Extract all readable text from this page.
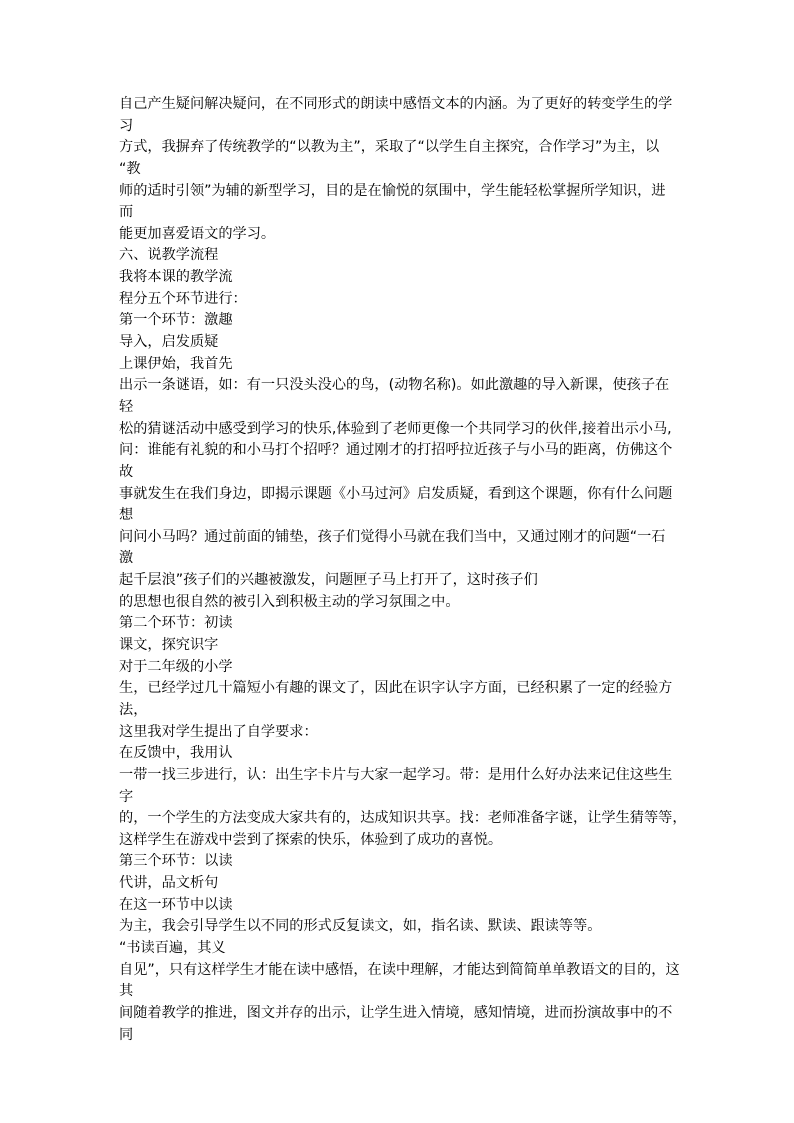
自己产生疑问解决疑问，在不同形式的朗读中感悟文本的内涵。为了更好的转变学生的学
习
方式，我摒弃了传统教学的“以教为主”，采取了“以学生自主探究，合作学习”为主，以
“教
师的适时引领”为辅的新型学习，目的是在愉悦的氛围中，学生能轻松掌握所学知识，进
而
能更加喜爱语文的学习。
六、说教学流程
我将本课的教学流
程分五个环节进行：
第一个环节：激趣
导入，启发质疑
上课伊始，我首先
出示一条谜语，如：有一只没头没心的鸟，(动物名称)。如此激趣的导入新课，使孩子在
轻
松的猜谜活动中感受到学习的快乐,体验到了老师更像一个共同学习的伙伴,接着出示小马,
问：谁能有礼貌的和小马打个招呼？通过刚才的打招呼拉近孩子与小马的距离，仿佛这个
故
事就发生在我们身边，即揭示课题《小马过河》启发质疑，看到这个课题，你有什么问题
想
问问小马吗？通过前面的铺垫，孩子们觉得小马就在我们当中，又通过刚才的问题“一石
激
起千层浪”孩子们的兴趣被激发，问题匣子马上打开了，这时孩子们
的思想也很自然的被引入到积极主动的学习氛围之中。
第二个环节：初读
课文，探究识字
对于二年级的小学
生，已经学过几十篇短小有趣的课文了，因此在识字认字方面，已经积累了一定的经验方
法，
这里我对学生提出了自学要求：
在反馈中，我用认
一带一找三步进行，认：出生字卡片与大家一起学习。带：是用什么好办法来记住这些生
字
的，一个学生的方法变成大家共有的，达成知识共享。找：老师准备字谜，让学生猜等等，
这样学生在游戏中尝到了探索的快乐，体验到了成功的喜悦。
第三个环节：以读
代讲，品文析句
在这一环节中以读
为主，我会引导学生以不同的形式反复读文，如，指名读、默读、跟读等等。
“书读百遍，其义
自见”，只有这样学生才能在读中感悟，在读中理解，才能达到简简单单教语文的目的，这
其
间随着教学的推进，图文并存的出示，让学生进入情境，感知情境，进而扮演故事中的不
同
